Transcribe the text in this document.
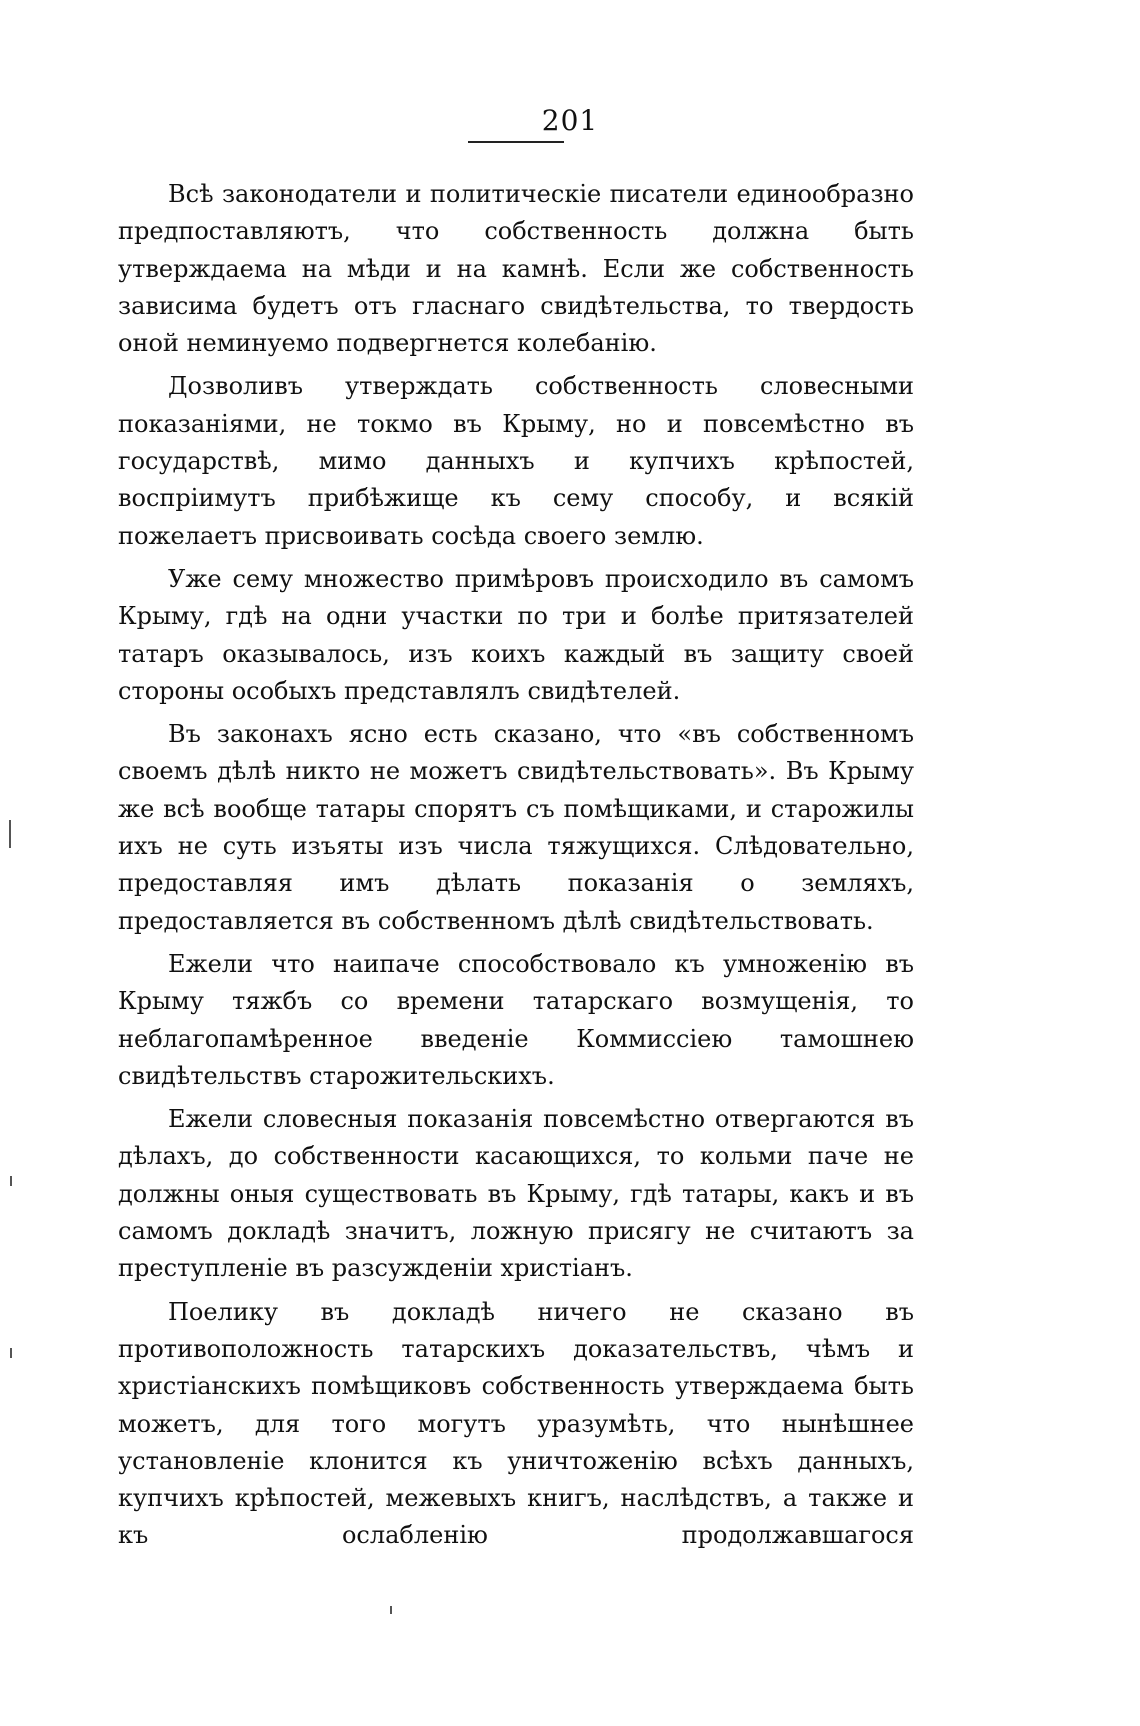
201

Всѣ законодатели и политическіе писатели единообразно предпоставляютъ, что собственность должна быть утверждаема на мѣди и на камнѣ. Если же собственность зависима будетъ отъ гласнаго свидѣтельства, то твердость оной неминуемо подвергнется колебанію.

Дозволивъ утверждать собственность словесными показаніями, не токмо въ Крыму, но и повсемѣстно въ государствѣ, мимо данныхъ и купчихъ крѣпостей, воспріимутъ прибѣжище къ сему способу, и всякій пожелаетъ присвоивать сосѣда своего землю.

Уже сему множество примѣровъ происходило въ самомъ Крыму, гдѣ на одни участки по три и болѣе притязателей татаръ оказывалось, изъ коихъ каждый въ защиту своей стороны особыхъ представлялъ свидѣтелей.

Въ законахъ ясно есть сказано, что «въ собственномъ своемъ дѣлѣ никто не можетъ свидѣтельствовать». Въ Крыму же всѣ вообще татары спорятъ съ помѣщиками, и старожилы ихъ не суть изъяты изъ числа тяжущихся. Слѣдовательно, предоставляя имъ дѣлать показанія о земляхъ, предоставляется въ собственномъ дѣлѣ свидѣтельствовать.

Ежели что наипаче способствовало къ умноженію въ Крыму тяжбъ со времени татарскаго возмущенія, то неблагопамѣренное введеніе Коммиссіею тамошнею свидѣтельствъ старожительскихъ.

Ежели словесныя показанія повсемѣстно отвергаются въ дѣлахъ, до собственности касающихся, то кольми паче не должны оныя существовать въ Крыму, гдѣ татары, какъ и въ самомъ докладѣ значитъ, ложную присягу не считаютъ за преступленіе въ разсужденіи христіанъ.

Поелику въ докладѣ ничего не сказано въ противоположность татарскихъ доказательствъ, чѣмъ и христіанскихъ помѣщиковъ собственность утверждаема быть можетъ, для того могутъ уразумѣть, что нынѣшнее установленіе клонится къ уничтоженію всѣхъ данныхъ, купчихъ крѣпостей, межевыхъ книгъ, наслѣдствъ, а также и къ ослабленію продолжавшагося
